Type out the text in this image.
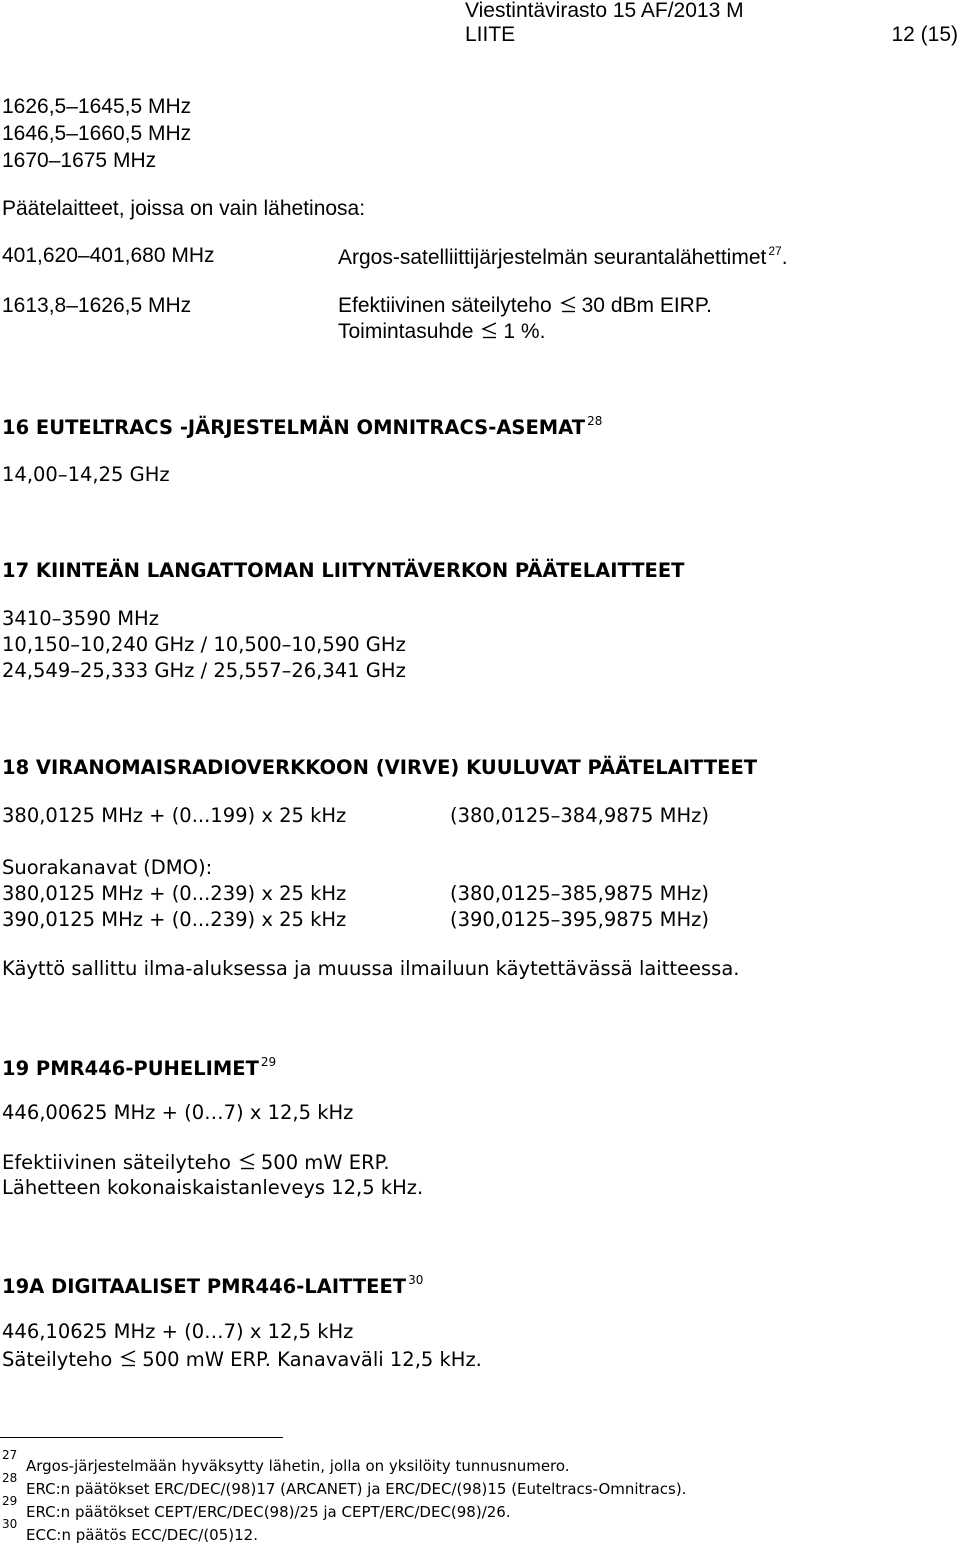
Viestintävirasto 15 AF/2013 M
LIITE	12 (15)
1626,5–1645,5 MHz
1646,5–1660,5 MHz
1670–1675 MHz
Päätelaitteet, joissa on vain lähetinosa:
401,620–401,680 MHz	Argos-satelliittijärjestelmän seurantalähettimet $^{27}$.
1613,8–1626,5 MHz	Efektiivinen säteilyteho 30 dBm EIRP.
Toimintasuhde 1 %.
16 EUTELTRACS -JÄRJESTELMÄN OMNITRACS-ASEMAT $^{28}$
14,00–14,25 GHz
17 KIINTEÄN LANGATTOMAN LIITYNTÄVERKON PÄÄTELAITTEET
3410–3590 MHz
10,150–10,240 GHz / 10,500–10,590 GHz
24,549–25,333 GHz / 25,557–26,341 GHz
18 VIRANOMAISRADIOVERKKOON (VIRVE) KUULUVAT PÄÄTELAITTEET
380,0125 MHz + (0...199) x 25 kHz	(380,0125–384,9875 MHz)
Suorakanavat (DMO):
380,0125 MHz + (0...239) x 25 kHz	(380,0125–385,9875 MHz)
390,0125 MHz + (0...239) x 25 kHz	(390,0125–395,9875 MHz)
Käyttö sallittu ilma-aluksessa ja muussa ilmailuun käytettävässä laitteessa.
19 PMR446-PUHELIMET $^{29}$
446,00625 MHz + (0…7) x 12,5 kHz
Efektiivinen säteilyteho 500 mW ERP.
Lähetteen kokonaiskaistanleveys 12,5 kHz.
19A DIGITAALISET PMR446-LAITTEET $^{30}$
446,10625 MHz + (0…7) x 12,5 kHz
Säteilyteho 500 mW ERP. Kanavaväli 12,5 kHz.
27
Argos-järjestelmään hyväksytty lähetin, jolla on yksilöity tunnusnumero.
28
ERC:n päätökset ERC/DEC/(98)17 (ARCANET) ja ERC/DEC/(98)15 (Euteltracs-Omnitracs).
29
ERC:n päätökset CEPT/ERC/DEC(98)/25 ja CEPT/ERC/DEC(98)/26.
30
ECC:n päätös ECC/DEC/(05)12.
